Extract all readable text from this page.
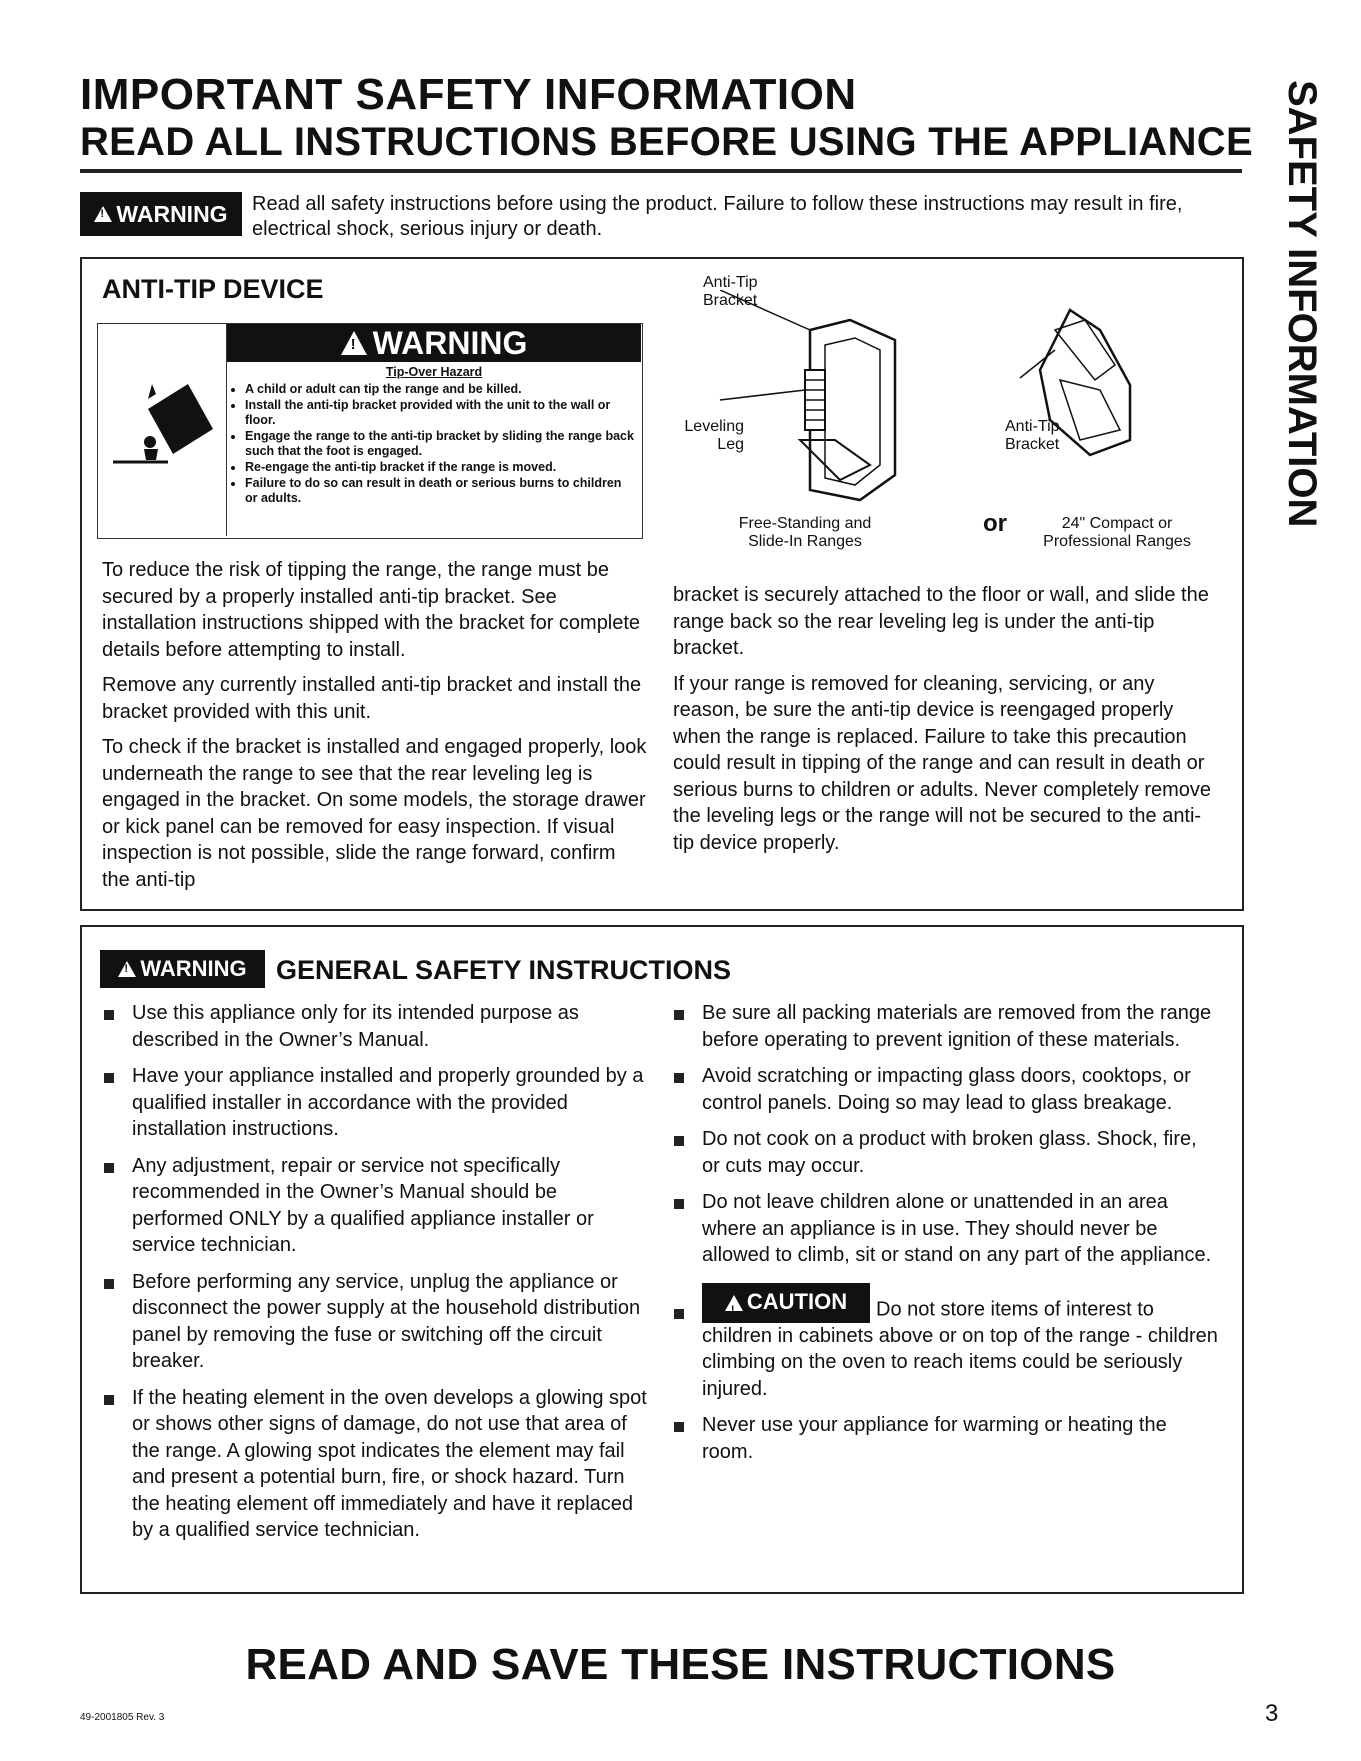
IMPORTANT SAFETY INFORMATION
READ ALL INSTRUCTIONS BEFORE USING THE APPLIANCE SAFETY INFORMATION
!
WARNING Read all safety instructions before using the product. Failure to follow these instructions may result in fire, electrical shock, serious injury or death.
ANTI-TIP DEVICE
!
WARNING
Tip-Over Hazard
• A child or adult can tip the range and be killed.
• Install the anti-tip bracket provided with the unit to the wall or floor.
• Engage the range to the anti-tip bracket by sliding the range back such that the foot is engaged.
• Re-engage the anti-tip bracket if the range is moved.
• Failure to do so can result in death or serious burns to children or adults.
Anti-Tip Bracket
Leveling Leg
Free-Standing and Slide-In Ranges
or
Anti-Tip Bracket
24" Compact or Professional Ranges

To reduce the risk of tipping the range, the range must be secured by a properly installed anti-tip bracket. See installation instructions shipped with the bracket for complete details before attempting to install.

Remove any currently installed anti-tip bracket and install the bracket provided with this unit.

To check if the bracket is installed and engaged properly, look underneath the range to see that the rear leveling leg is engaged in the bracket. On some models, the storage drawer or kick panel can be removed for easy inspection. If visual inspection is not possible, slide the range forward, confirm the anti-tip

bracket is securely attached to the floor or wall, and slide the range back so the rear leveling leg is under the anti-tip bracket.

If your range is removed for cleaning, servicing, or any reason, be sure the anti-tip device is reengaged properly when the range is replaced. Failure to take this precaution could result in tipping of the range and can result in death or serious burns to children or adults. Never completely remove the leveling legs or the range will not be secured to the anti-tip device properly.

!
WARNING GENERAL SAFETY INSTRUCTIONS
Use this appliance only for its intended purpose as described in the Owner’s Manual.
Have your appliance installed and properly grounded by a qualified installer in accordance with the provided installation instructions.
Any adjustment, repair or service not specifically recommended in the Owner’s Manual should be performed ONLY by a qualified appliance installer or service technician.
Before performing any service, unplug the appliance or disconnect the power supply at the household distribution panel by removing the fuse or switching off the circuit breaker.
If the heating element in the oven develops a glowing spot or shows other signs of damage, do not use that area of the range. A glowing spot indicates the element may fail and present a potential burn, fire, or shock hazard. Turn the heating element off immediately and have it replaced by a qualified service technician.
Be sure all packing materials are removed from the range before operating to prevent ignition of these materials.
Avoid scratching or impacting glass doors, cooktops, or control panels. Doing so may lead to glass breakage.
Do not cook on a product with broken glass. Shock, fire, or cuts may occur.
Do not leave children alone or unattended in an area where an appliance is in use. They should never be allowed to climb, sit or stand on any part of the appliance.
!
CAUTION Do not store items of interest to children in cabinets above or on top of the range - children climbing on the oven to reach items could be seriously injured.
Never use your appliance for warming or heating the room.
READ AND SAVE THESE INSTRUCTIONS
49-2001805 Rev. 3	3
